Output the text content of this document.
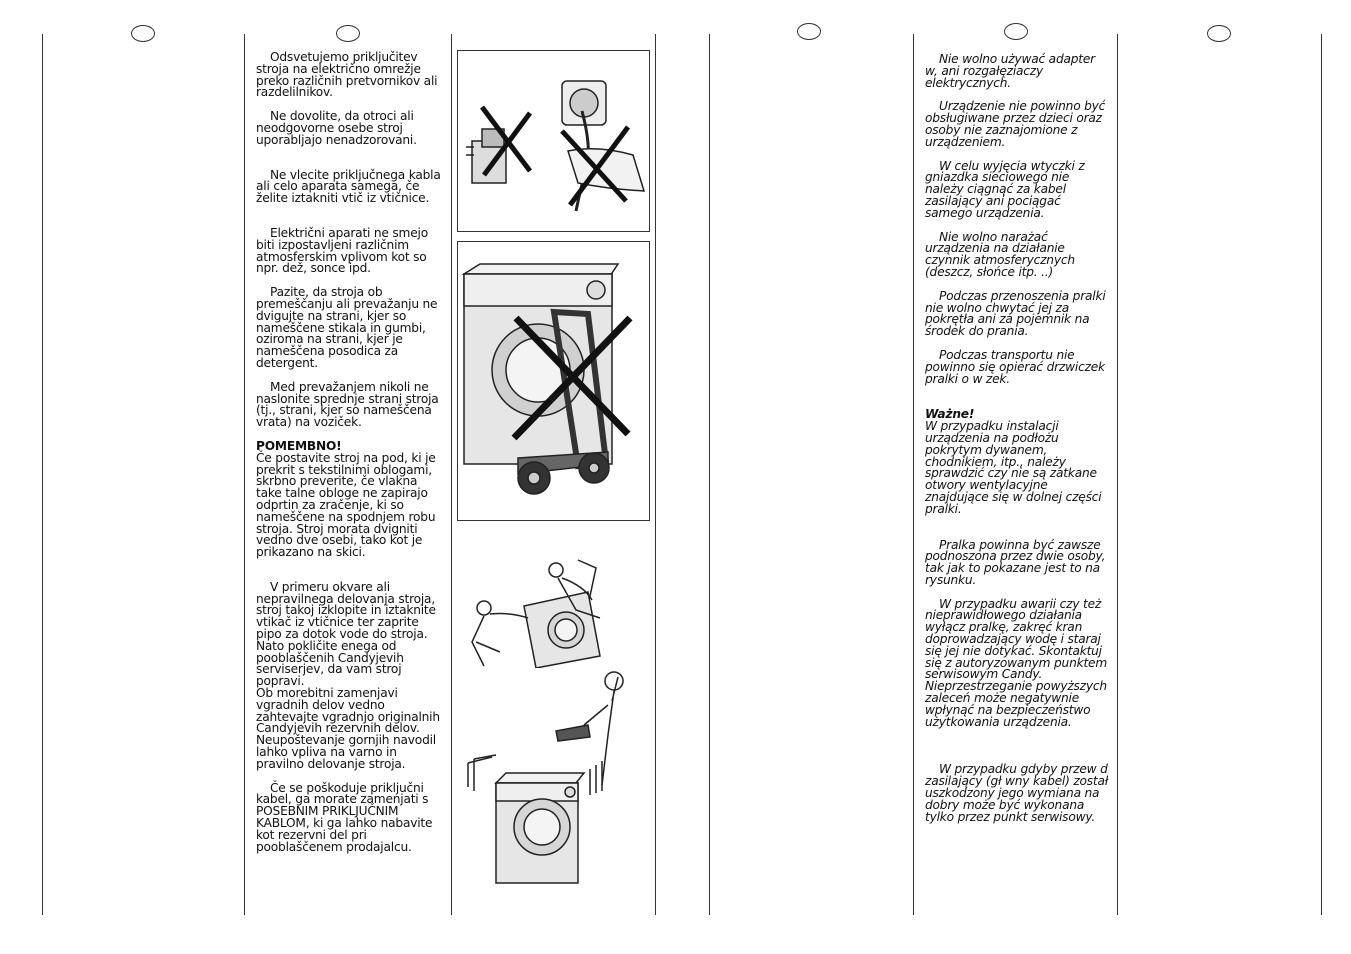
Odsvetujemo priključitev stroja na električno omrežje preko različnih pretvornikov ali razdelilnikov.

Ne dovolite, da otroci ali neodgovorne osebe stroj uporabljajo nenadzorovani.

Ne vlecite priključnega kabla ali celo aparata samega, če želite iztakniti vtič iz vtičnice.

Električni aparati ne smejo biti izpostavljeni različnim atmosferskim vplivom kot so npr. dež, sonce ipd.

Pazite, da stroja ob premeščanju ali prevažanju ne dvigujte na strani, kjer so nameščene stikala in gumbi, oziroma na strani, kjer je nameščena posodica za detergent.

Med prevažanjem nikoli ne naslonite sprednje strani stroja (tj., strani, kjer so nameščena vrata) na voziček.

POMEMBNO!

Če postavite stroj na pod, ki je prekrit s tekstilnimi oblogami, skrbno preverite, če vlakna take talne obloge ne zapirajo odprtin za zračenje, ki so nameščene na spodnjem robu stroja. Stroj morata dvigniti vedno dve osebi, tako kot je prikazano na skici.

V primeru okvare ali nepravilnega delovanja stroja, stroj takoj izklopite in iztaknite vtikač iz vtičnice ter zaprite pipo za dotok vode do stroja. Nato pokličite enega od pooblaščenih Candyjevih serviserjev, da vam stroj popravi.

Ob morebitni zamenjavi vgradnih delov vedno zahtevajte vgradnjo originalnih Candyjevih rezervnih delov.

Neupoštevanje gornjih navodil lahko vpliva na varno in pravilno delovanje stroja.

Če se poškoduje priključni kabel, ga morate zamenjati s POSEBNIM PRIKLJUČNIM KABLOM, ki ga lahko nabavite kot rezervni del pri pooblaščenem prodajalcu.

Nie wolno używać adapter w, ani rozgałęziaczy elektrycznych.

Urządzenie nie powinno być obsługiwane przez dzieci oraz osoby nie zaznajomione z urządzeniem.

W celu wyjęcia wtyczki z gniazdka sieciowego nie należy ciągnąć za kabel zasilający ani pociągać samego urządzenia.

Nie wolno narażać urządzenia na działanie czynnik atmosferycznych (deszcz, słońce itp. ..)

Podczas przenoszenia pralki nie wolno chwytać jej za pokrętła ani za pojemnik na środek do prania.

Podczas transportu nie powinno się opierać drzwiczek pralki o w zek.

Ważne!

W przypadku instalacji urządzenia na podłożu pokrytym dywanem, chodnikiem, itp., należy sprawdzić czy nie są zatkane otwory wentylacyjne znajdujące się w dolnej części pralki.

Pralka powinna być zawsze podnoszona przez dwie osoby, tak jak to pokazane jest to na rysunku.

W przypadku awarii czy też nieprawidłowego działania wyłącz pralkę, zakręć kran doprowadzający wodę i staraj się jej nie dotykać. Skontaktuj się z autoryzowanym punktem serwisowym Candy. Nieprzestrzeganie powyższych zaleceń może negatywnie wpłynąć na bezpieczeństwo użytkowania urządzenia.

W przypadku gdyby przew d zasilający (gł wny kabel) został uszkodzony jego wymiana na dobry może być wykonana tylko przez punkt serwisowy.
